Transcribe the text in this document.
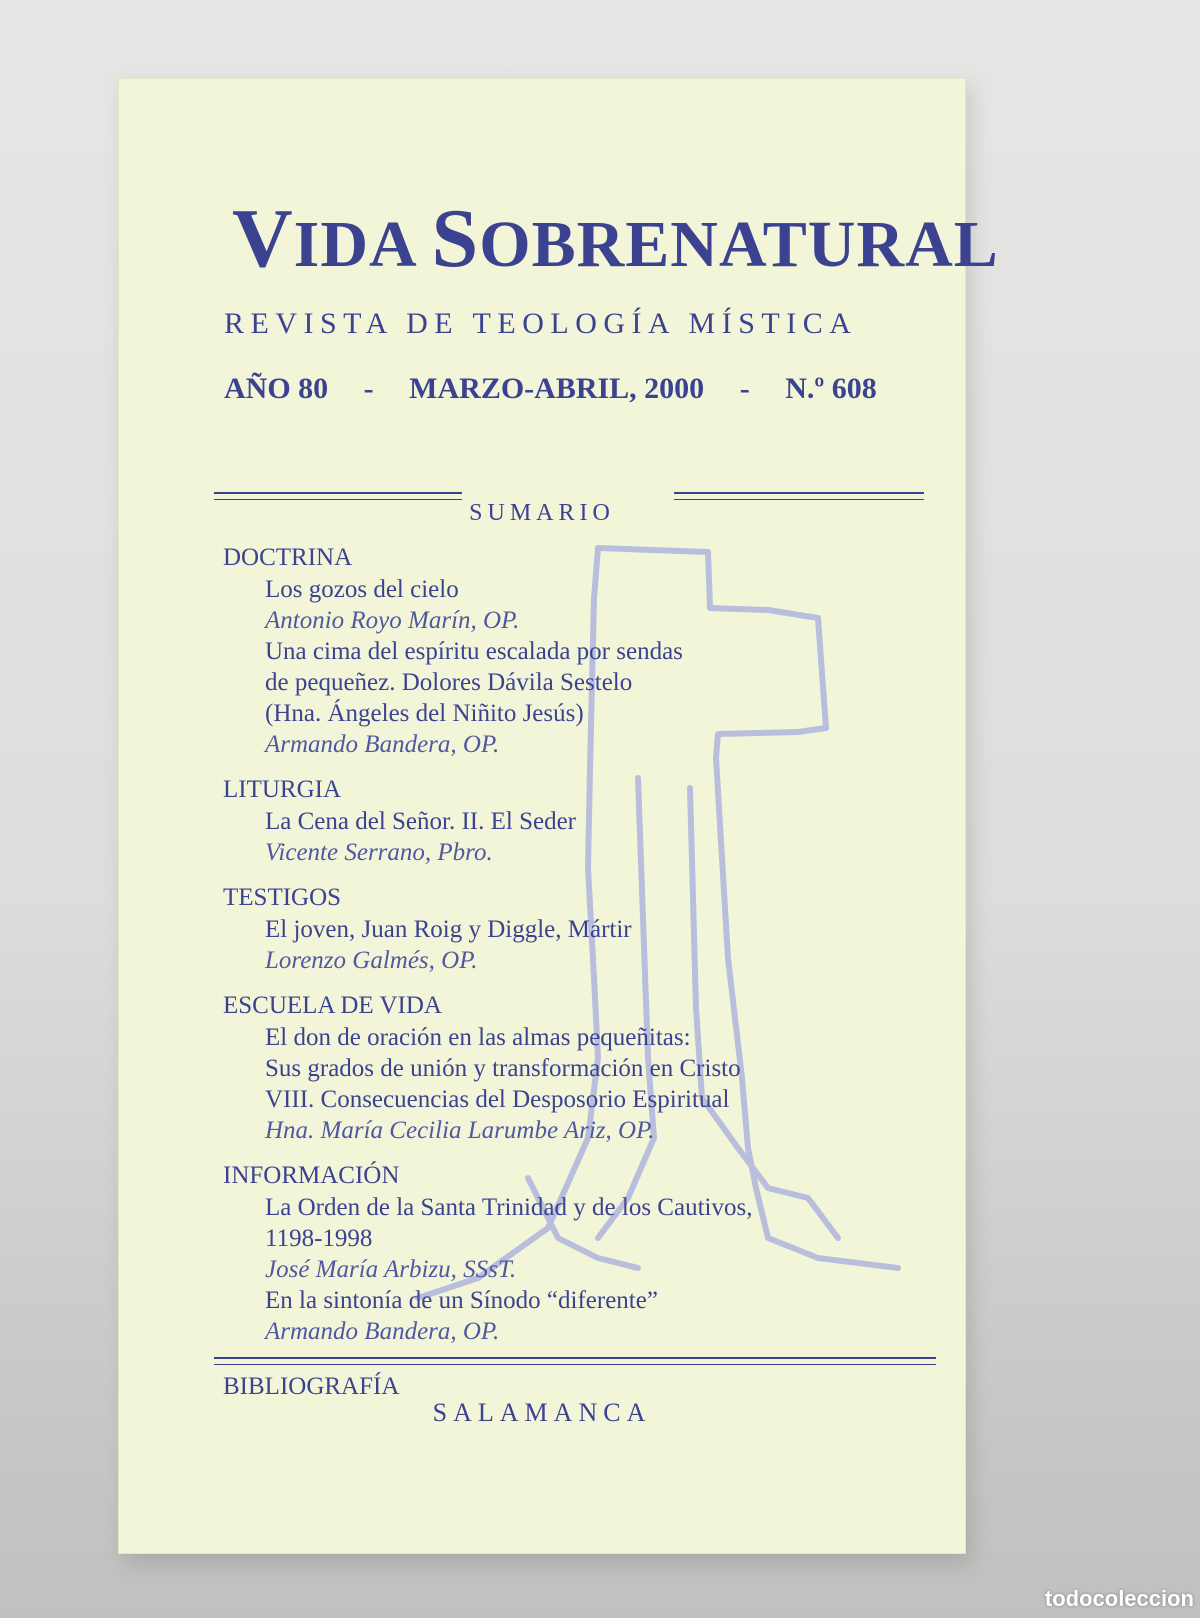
VIDA SOBRENATURAL
REVISTA DE TEOLOGÍA MÍSTICA
AÑO 80 - MARZO-ABRIL, 2000 - N.º 608
SUMARIO
DOCTRINA
Los gozos del cielo
Antonio Royo Marín, OP.
Una cima del espíritu escalada por sendas
de pequeñez. Dolores Dávila Sestelo
(Hna. Ángeles del Niñito Jesús)
Armando Bandera, OP.
LITURGIA
La Cena del Señor. II. El Seder
Vicente Serrano, Pbro.
TESTIGOS
El joven, Juan Roig y Diggle, Mártir
Lorenzo Galmés, OP.
ESCUELA DE VIDA
El don de oración en las almas pequeñitas:
Sus grados de unión y transformación en Cristo
VIII. Consecuencias del Desposorio Espiritual
Hna. María Cecilia Larumbe Ariz, OP.
INFORMACIÓN
La Orden de la Santa Trinidad y de los Cautivos,
1198-1998
José María Arbizu, SSsT.
En la sintonía de un Sínodo “diferente”
Armando Bandera, OP.
BIBLIOGRAFÍA
SALAMANCA
todocoleccion
